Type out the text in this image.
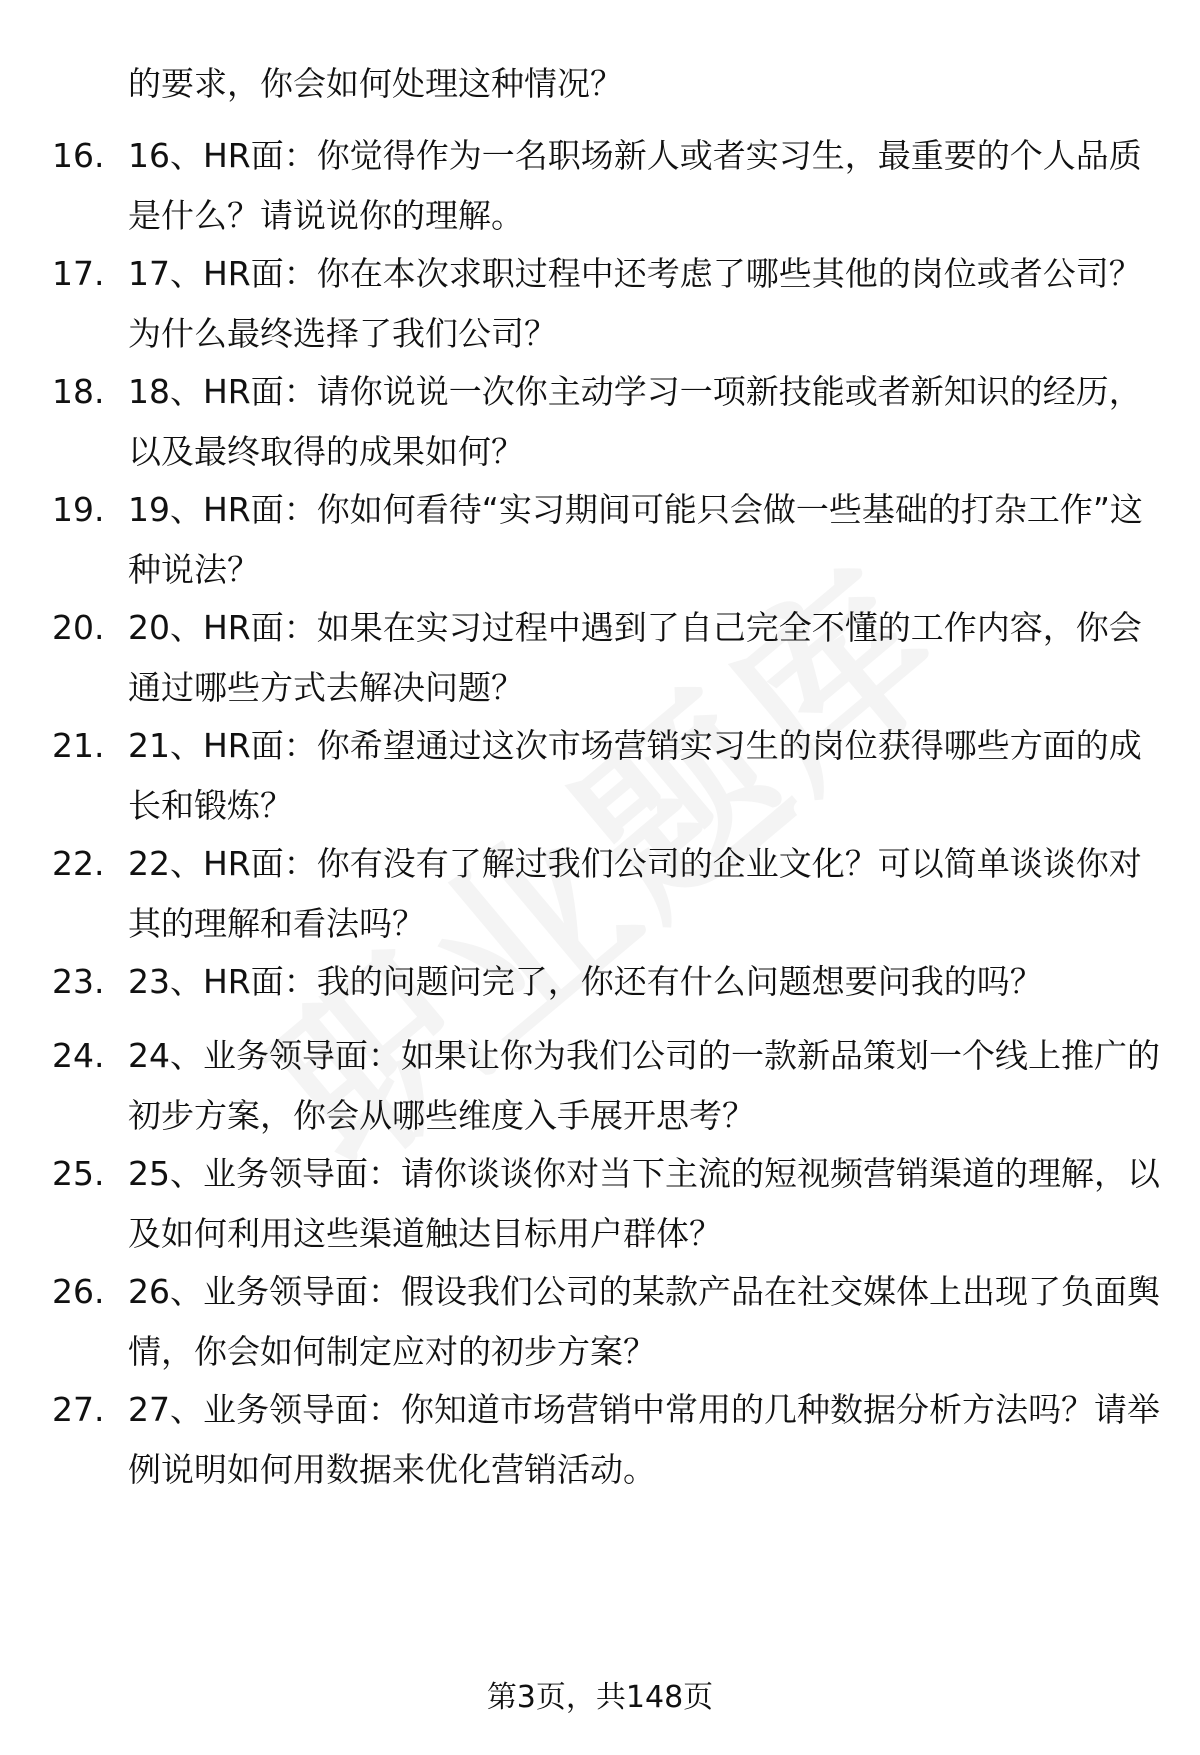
的要求，你会如何处理这种情况？
16. 16、HR面：你觉得作为一名职场新人或者实习生，最重要的个人品质是什么？请说说你的理解。
17. 17、HR面：你在本次求职过程中还考虑了哪些其他的岗位或者公司？为什么最终选择了我们公司？
18. 18、HR面：请你说说一次你主动学习一项新技能或者新知识的经历，以及最终取得的成果如何？
19. 19、HR面：你如何看待“实习期间可能只会做一些基础的打杂工作”这种说法？
20. 20、HR面：如果在实习过程中遇到了自己完全不懂的工作内容，你会通过哪些方式去解决问题？
21. 21、HR面：你希望通过这次市场营销实习生的岗位获得哪些方面的成长和锻炼？
22. 22、HR面：你有没有了解过我们公司的企业文化？可以简单谈谈你对其的理解和看法吗？
23. 23、HR面：我的问题问完了，你还有什么问题想要问我的吗？
24. 24、业务领导面：如果让你为我们公司的一款新品策划一个线上推广的初步方案，你会从哪些维度入手展开思考？
25. 25、业务领导面：请你谈谈你对当下主流的短视频营销渠道的理解，以及如何利用这些渠道触达目标用户群体？
26. 26、业务领导面：假设我们公司的某款产品在社交媒体上出现了负面舆情，你会如何制定应对的初步方案？
27. 27、业务领导面：你知道市场营销中常用的几种数据分析方法吗？请举例说明如何用数据来优化营销活动。
第3页，共148页
